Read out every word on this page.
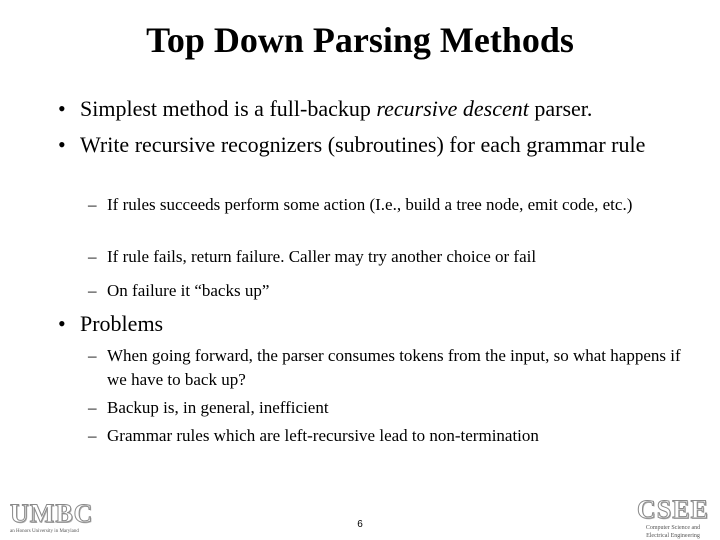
Top Down Parsing Methods
• Simplest method is a full-backup recursive descent parser.
• Write recursive recognizers (subroutines) for each grammar rule
– If rules succeeds perform some action (I.e., build a tree node, emit code, etc.)
– If rule fails, return failure. Caller may try another choice or fail
– On failure it “backs up”
• Problems
– When going forward, the parser consumes tokens from the input, so what happens if we have to back up?
– Backup is, in general, inefficient
– Grammar rules which are left-recursive lead to non-termination
UMBC
an Honors University in Maryland
6
CSEE
Computer Science and
Electrical Engineering
